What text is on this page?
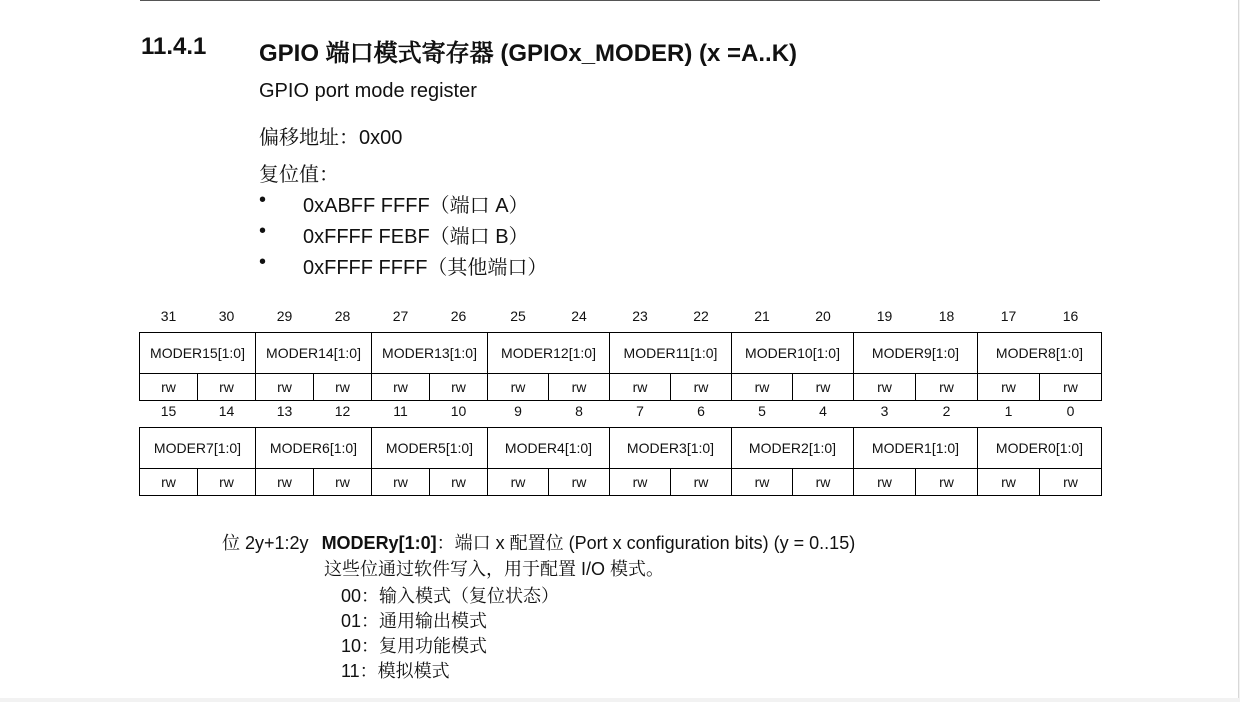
11.4.1 GPIO 端口模式寄存器 (GPIOx_MODER) (x =A..K)
GPIO port mode register
偏移地址：0x00
复位值：
• 0xABFF FFFF（端口 A）
• 0xFFFF FEBF（端口 B）
• 0xFFFF FFFF（其他端口）
31	30	29	28	27	26	25	24	23	22	21	20	19	18	17	16
MODER15[1:0]		MODER14[1:0]		MODER13[1:0]		MODER12[1:0]		MODER11[1:0]		MODER10[1:0]		MODER9[1:0]		MODER8[1:0]	
rw	rw	rw	rw	rw	rw	rw	rw	rw	rw	rw	rw	rw	rw	rw	rw
15	14	13	12	11	10	9	8	7	6	5	4	3	2	1	0
MODER7[1:0]		MODER6[1:0]		MODER5[1:0]		MODER4[1:0]		MODER3[1:0]		MODER2[1:0]		MODER1[1:0]		MODER0[1:0]	
rw	rw	rw	rw	rw	rw	rw	rw	rw	rw	rw	rw	rw	rw	rw	rw
位 2y+1:2y MODERy[1:0]：端口 x 配置位 (Port x configuration bits) (y = 0..15)
这些位通过软件写入，用于配置 I/O 模式。
00：输入模式（复位状态）
01：通用输出模式
10：复用功能模式
11：模拟模式
